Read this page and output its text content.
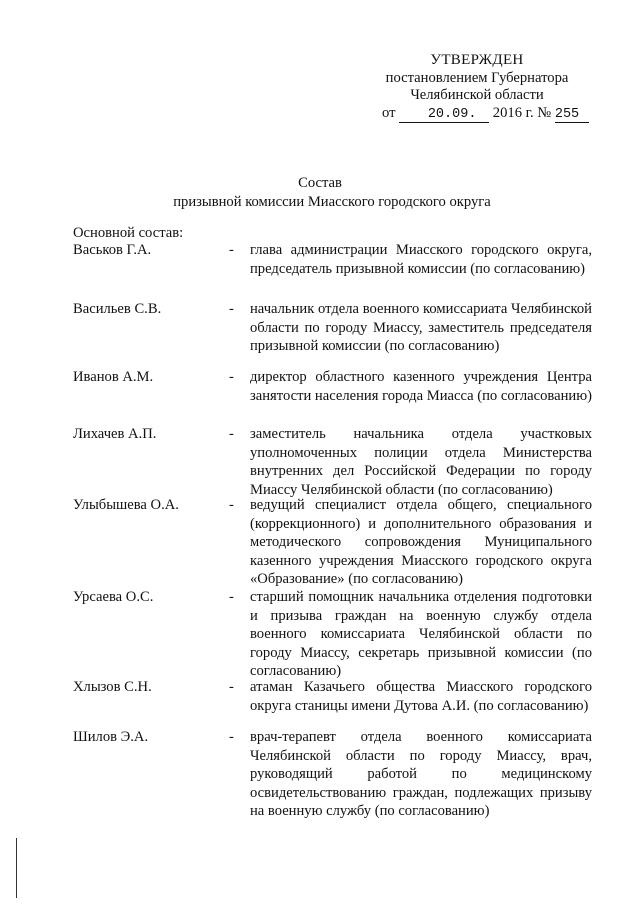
УТВЕРЖДЕН
постановлением Губернатора
Челябинской области
от 20.09. 2016 г. № 255
Состав
призывной комиссии Миасского городского округа
Основной состав:
Васьков Г.А.	- глава администрации Миасского городского округа, председатель призывной комиссии (по согласованию)
Васильев С.В.	- начальник отдела военного комиссариата Челябинской области по городу Миассу, заместитель председателя призывной комиссии (по согласованию)
Иванов А.М.	- директор областного казенного учреждения Центра занятости населения города Миасса (по согласованию)
Лихачев А.П.	- заместитель начальника отдела участковых уполномоченных полиции отдела Министерства внутренних дел Российской Федерации по городу Миассу Челябинской области (по согласованию)
Улыбышева О.А.	- ведущий специалист отдела общего, специального (коррекционного) и дополнительного образования и методического сопровождения Муниципального казенного учреждения Миасского городского округа «Образование» (по согласованию)
Урсаева О.С.	- старший помощник начальника отделения подготовки и призыва граждан на военную службу отдела военного комиссариата Челябинской области по городу Миассу, секретарь призывной комиссии (по согласованию)
Хлызов С.Н.	- атаман Казачьего общества Миасского городского округа станицы имени Дутова А.И. (по согласованию)
Шилов Э.А.	- врач-терапевт отдела военного комиссариата Челябинской области по городу Миассу, врач, руководящий работой по медицинскому освидетельствованию граждан, подлежащих призыву на военную службу (по согласованию)
